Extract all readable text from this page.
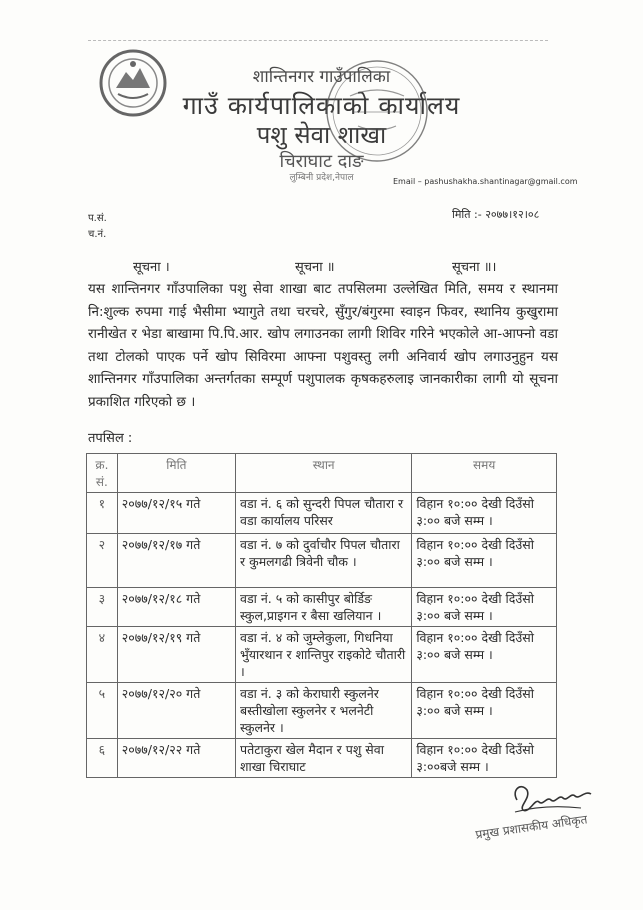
शान्तिनगर गाउँपालिका
गाउँ कार्यपालिकाको कार्यालय
पशु सेवा शाखा
चिराघाट दाङ
लुम्बिनी प्रदेश,नेपाल	Email – pashushakha.shantinagar@gmail.com
प.सं.
च.नं.
मिति :- २०७७।१२।०८
सूचना ।	सूचना ॥	सूचना ॥।
यस शान्तिनगर गाँउपालिका पशु सेवा शाखा बाट तपसिलमा उल्लेखित मिति, समय र स्थानमा नि:शुल्क रुपमा गाई भैसीमा भ्यागुते तथा चरचरे, सुँगुर/बंगुरमा स्वाइन फिवर, स्थानिय कुखुरामा रानीखेत र भेडा बाखामा पि.पि.आर. खोप लगाउनका लागी शिविर गरिने भएकोले आ-आफ्नो वडा तथा टोलको पाएक पर्ने खोप सिविरमा आफ्ना पशुवस्तु लगी अनिवार्य खोप लगाउनुहुन यस शान्तिनगर गाँउपालिका अन्तर्गतका सम्पूर्ण पशुपालक कृषकहरुलाइ जानकारीका लागी यो सूचना प्रकाशित गरिएको छ ।
तपसिल :
क्र. सं.	मिति	स्थान	समय
१	२०७७/१२/१५ गते	वडा नं. ६ को सुन्दरी पिपल चौतारा र वडा कार्यालय परिसर	विहान १०:०० देखी दिउँसो ३:०० बजे सम्म ।
२	२०७७/१२/१७ गते	वडा नं. ७ को दुर्वाचौर पिपल चौतारा र कुमलगढी त्रिवेनी चौक ।	विहान १०:०० देखी दिउँसो ३:०० बजे सम्म ।
३	२०७७/१२/१८ गते	वडा नं. ५ को कासीपुर बोर्डिङ स्कुल,प्राइगन र बैसा खलियान ।	विहान १०:०० देखी दिउँसो ३:०० बजे सम्म ।
४	२०७७/१२/१९ गते	वडा नं. ४ को जुम्लेकुला, गिधनिया भुँयारथान र शान्तिपुर राइकोटे चौतारी ।	विहान १०:०० देखी दिउँसो ३:०० बजे सम्म ।
५	२०७७/१२/२० गते	वडा नं. ३ को केराघारी स्कुलनेर बस्तीखोला स्कुलनेर र भलनेटी स्कुलनेर ।	विहान १०:०० देखी दिउँसो ३:०० बजे सम्म ।
६	२०७७/१२/२२ गते	पतेटाकुरा खेल मैदान र पशु सेवा शाखा चिराघाट	विहान १०:०० देखी दिउँसो ३:००बजे सम्म ।
प्रमुख प्रशासकीय अधिकृत
